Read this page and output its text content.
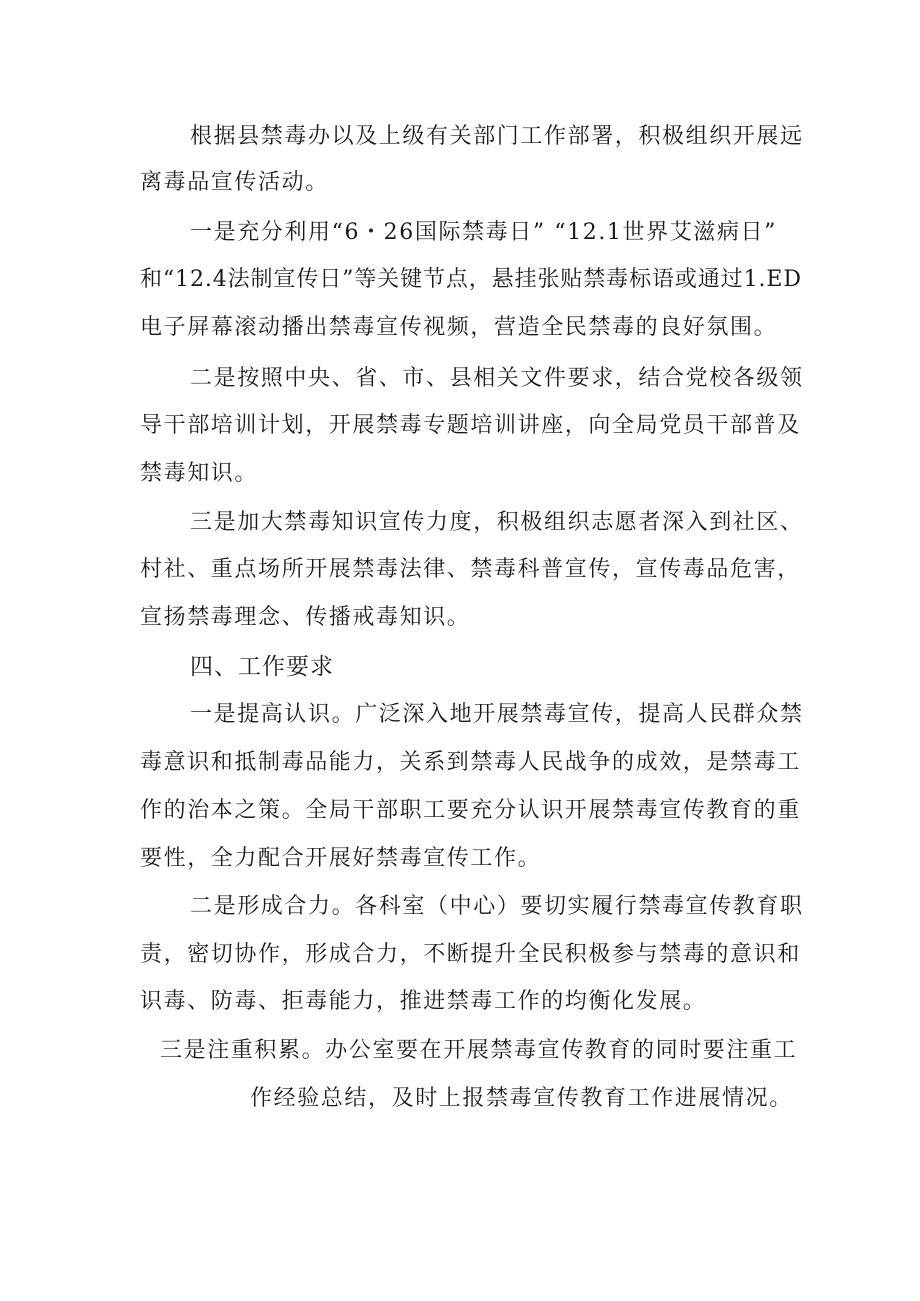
根据县禁毒办以及上级有关部门工作部署，积极组织开展远
离毒品宣传活动。
一是充分利用“6・26国际禁毒日” “12.1世界艾滋病日”
和“12.4法制宣传日”等关键节点，悬挂张贴禁毒标语或通过1.ED
电子屏幕滚动播出禁毒宣传视频，营造全民禁毒的良好氛围。
二是按照中央、省、市、县相关文件要求，结合党校各级领
导干部培训计划，开展禁毒专题培训讲座，向全局党员干部普及
禁毒知识。
三是加大禁毒知识宣传力度，积极组织志愿者深入到社区、
村社、重点场所开展禁毒法律、禁毒科普宣传，宣传毒品危害，
宣扬禁毒理念、传播戒毒知识。
四、工作要求
一是提高认识。广泛深入地开展禁毒宣传，提高人民群众禁
毒意识和抵制毒品能力，关系到禁毒人民战争的成效，是禁毒工
作的治本之策。全局干部职工要充分认识开展禁毒宣传教育的重
要性，全力配合开展好禁毒宣传工作。
二是形成合力。各科室（中心）要切实履行禁毒宣传教育职
责，密切协作，形成合力，不断提升全民积极参与禁毒的意识和
识毒、防毒、拒毒能力，推进禁毒工作的均衡化发展。
三是注重积累。办公室要在开展禁毒宣传教育的同时要注重工
作经验总结，及时上报禁毒宣传教育工作进展情况。
